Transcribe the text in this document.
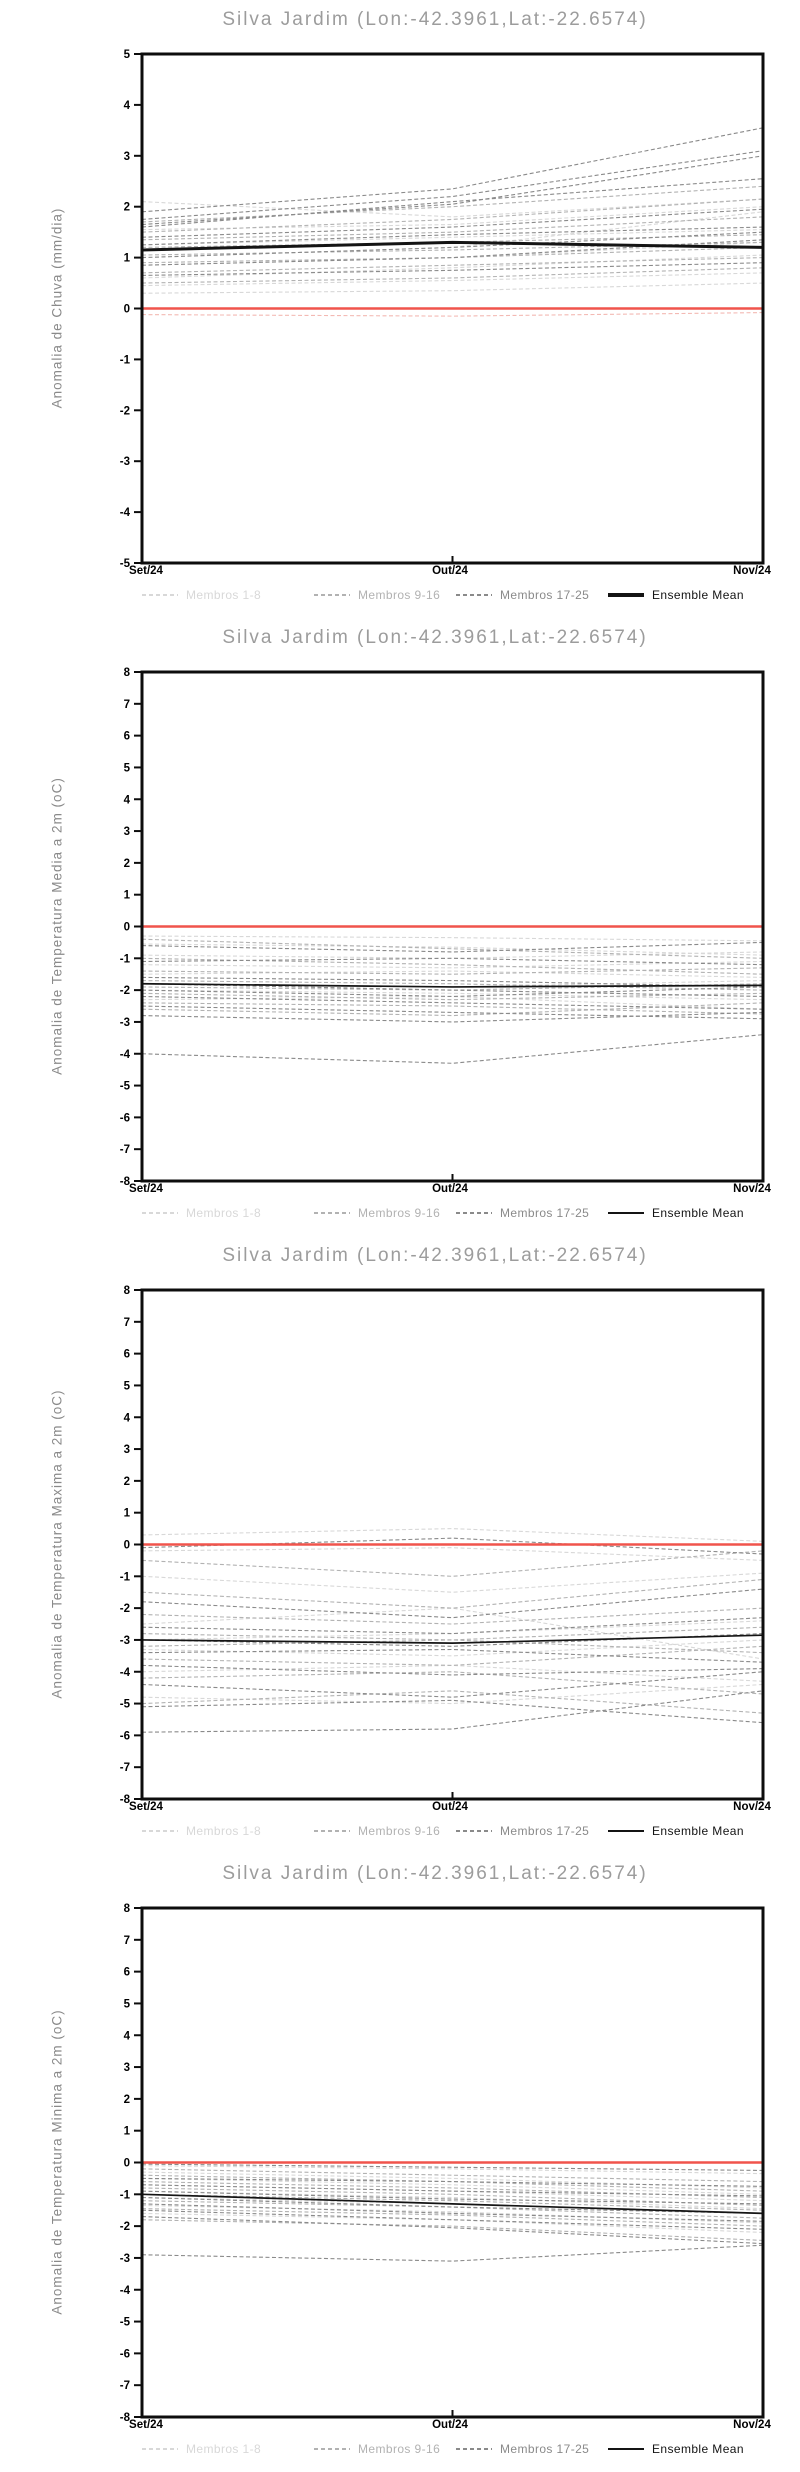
Silva Jardim (Lon:-42.3961,Lat:-22.6574)
Anomalia de Chuva (mm/dia)
-5
-4
-3
-2
-1
0
1
2
3
4
5
Set/24	Out/24	Nov/24
Membros 1-8	Membros 9-16	Membros 17-25	Ensemble Mean
Silva Jardim (Lon:-42.3961,Lat:-22.6574)
Anomalia de Temperatura Media a 2m (oC)
-8
-7
-6
-5
-4
-3
-2
-1
0
1
2
3
4
5
6
7
8
Set/24	Out/24	Nov/24
Membros 1-8	Membros 9-16	Membros 17-25	Ensemble Mean
Silva Jardim (Lon:-42.3961,Lat:-22.6574)
Anomalia de Temperatura Maxima a 2m (oC)
-8
-7
-6
-5
-4
-3
-2
-1
0
1
2
3
4
5
6
7
8
Set/24	Out/24	Nov/24
Membros 1-8	Membros 9-16	Membros 17-25	Ensemble Mean
Silva Jardim (Lon:-42.3961,Lat:-22.6574)
Anomalia de Temperatura Minima a 2m (oC)
-8
-7
-6
-5
-4
-3
-2
-1
0
1
2
3
4
5
6
7
8
Set/24	Out/24	Nov/24
Membros 1-8	Membros 9-16	Membros 17-25	Ensemble Mean
